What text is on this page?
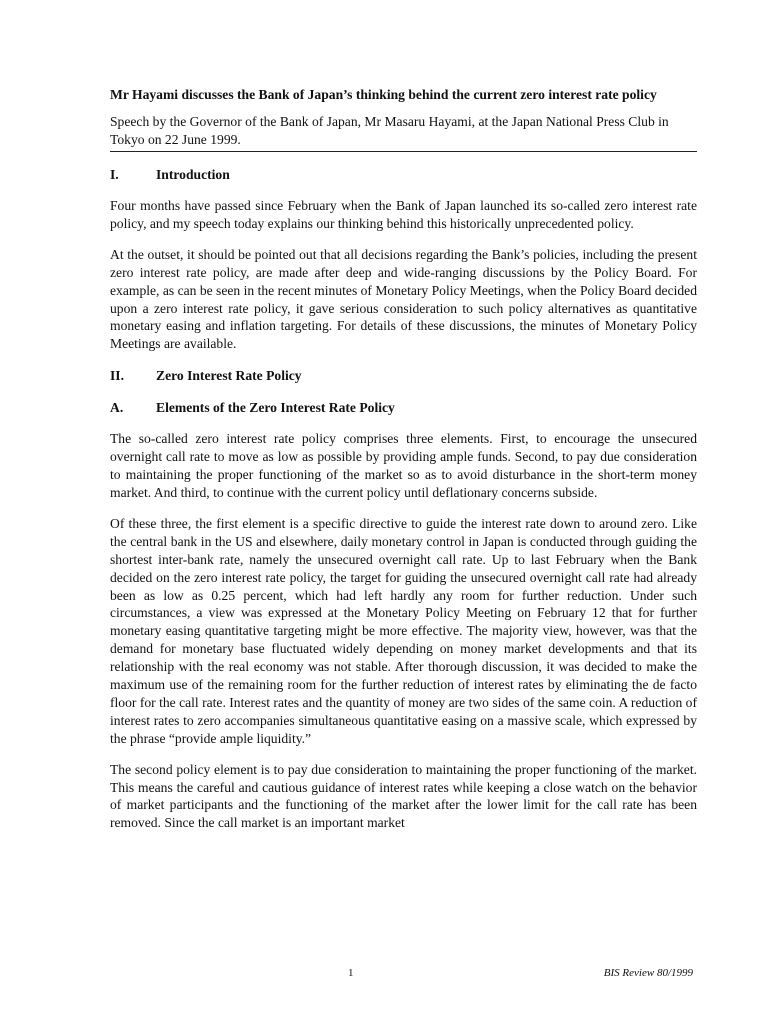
Mr Hayami discusses the Bank of Japan’s thinking behind the current zero interest rate policy

Speech by the Governor of the Bank of Japan, Mr Masaru Hayami, at the Japan National Press Club in Tokyo on 22 June 1999.

I.	Introduction

Four months have passed since February when the Bank of Japan launched its so-called zero interest rate policy, and my speech today explains our thinking behind this historically unprecedented policy.

At the outset, it should be pointed out that all decisions regarding the Bank’s policies, including the present zero interest rate policy, are made after deep and wide-ranging discussions by the Policy Board. For example, as can be seen in the recent minutes of Monetary Policy Meetings, when the Policy Board decided upon a zero interest rate policy, it gave serious consideration to such policy alternatives as quantitative monetary easing and inflation targeting. For details of these discussions, the minutes of Monetary Policy Meetings are available.

II.	Zero Interest Rate Policy
A.	Elements of the Zero Interest Rate Policy

The so-called zero interest rate policy comprises three elements. First, to encourage the unsecured overnight call rate to move as low as possible by providing ample funds. Second, to pay due consideration to maintaining the proper functioning of the market so as to avoid disturbance in the short-term money market. And third, to continue with the current policy until deflationary concerns subside.

Of these three, the first element is a specific directive to guide the interest rate down to around zero. Like the central bank in the US and elsewhere, daily monetary control in Japan is conducted through guiding the shortest inter-bank rate, namely the unsecured overnight call rate. Up to last February when the Bank decided on the zero interest rate policy, the target for guiding the unsecured overnight call rate had already been as low as 0.25 percent, which had left hardly any room for further reduction. Under such circumstances, a view was expressed at the Monetary Policy Meeting on February 12 that for further monetary easing quantitative targeting might be more effective. The majority view, however, was that the demand for monetary base fluctuated widely depending on money market developments and that its relationship with the real economy was not stable. After thorough discussion, it was decided to make the maximum use of the remaining room for the further reduction of interest rates by eliminating the de facto floor for the call rate. Interest rates and the quantity of money are two sides of the same coin. A reduction of interest rates to zero accompanies simultaneous quantitative easing on a massive scale, which expressed by the phrase “provide ample liquidity.”

The second policy element is to pay due consideration to maintaining the proper functioning of the market. This means the careful and cautious guidance of interest rates while keeping a close watch on the behavior of market participants and the functioning of the market after the lower limit for the call rate has been removed. Since the call market is an important market

1	BIS Review 80/1999
